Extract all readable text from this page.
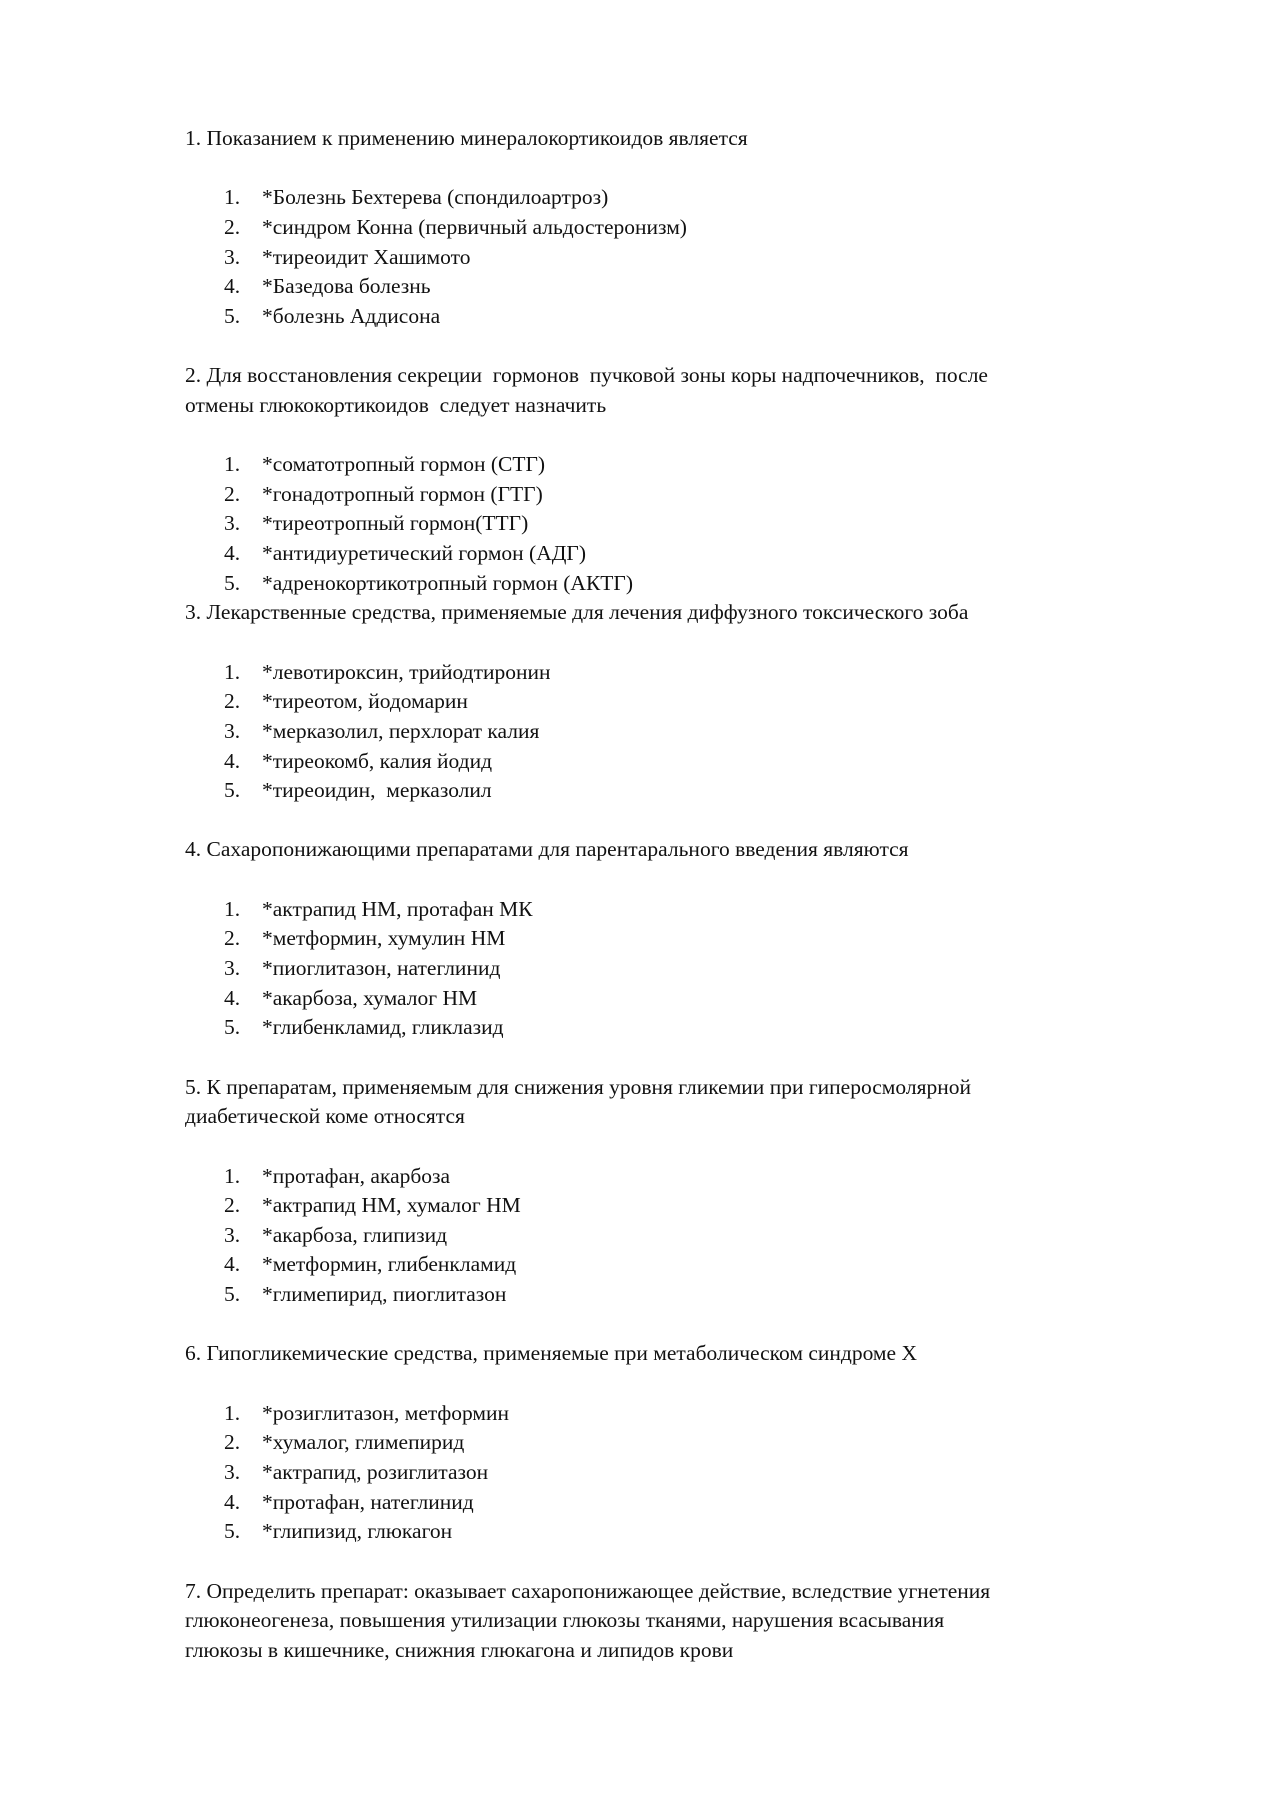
1. Показанием к применению минералокортикоидов является
1. *Болезнь Бехтерева (спондилоартроз)
2. *синдром Конна (первичный альдостеронизм)
3. *тиреоидит Хашимото
4. *Базедова болезнь
5. *болезнь Аддисона
2. Для восстановления секреции  гормонов  пучковой зоны коры надпочечников,  после
отмены глюкокортикоидов  следует назначить
1. *соматотропный гормон (СТГ)
2. *гонадотропный гормон (ГТГ)
3. *тиреотропный гормон(ТТГ)
4. *антидиуретический гормон (АДГ)
5. *адренокортикотропный гормон (АКТГ)
3. Лекарственные средства, применяемые для лечения диффузного токсического зоба
1. *левотироксин, трийодтиронин
2. *тиреотом, йодомарин
3. *мерказолил, перхлорат калия
4. *тиреокомб, калия йодид
5. *тиреоидин,  мерказолил
4. Сахаропонижающими препаратами для парентарального введения являются
1. *актрапид НМ, протафан МК
2. *метформин, хумулин НМ
3. *пиоглитазон, натеглинид
4. *акарбоза, хумалог НМ
5. *глибенкламид, гликлазид
5. К препаратам, применяемым для снижения уровня гликемии при гиперосмолярной
диабетической коме относятся
1. *протафан, акарбоза
2. *актрапид НМ, хумалог НМ
3. *акарбоза, глипизид
4. *метформин, глибенкламид
5. *глимепирид, пиоглитазон
6. Гипогликемические средства, применяемые при метаболическом синдроме Х
1. *розиглитазон, метформин
2. *хумалог, глимепирид
3. *актрапид, розиглитазон
4. *протафан, натеглинид
5. *глипизид, глюкагон
7. Определить препарат: оказывает сахаропонижающее действие, вследствие угнетения
глюконеогенеза, повышения утилизации глюкозы тканями, нарушения всасывания
глюкозы в кишечнике, снижния глюкагона и липидов крови
